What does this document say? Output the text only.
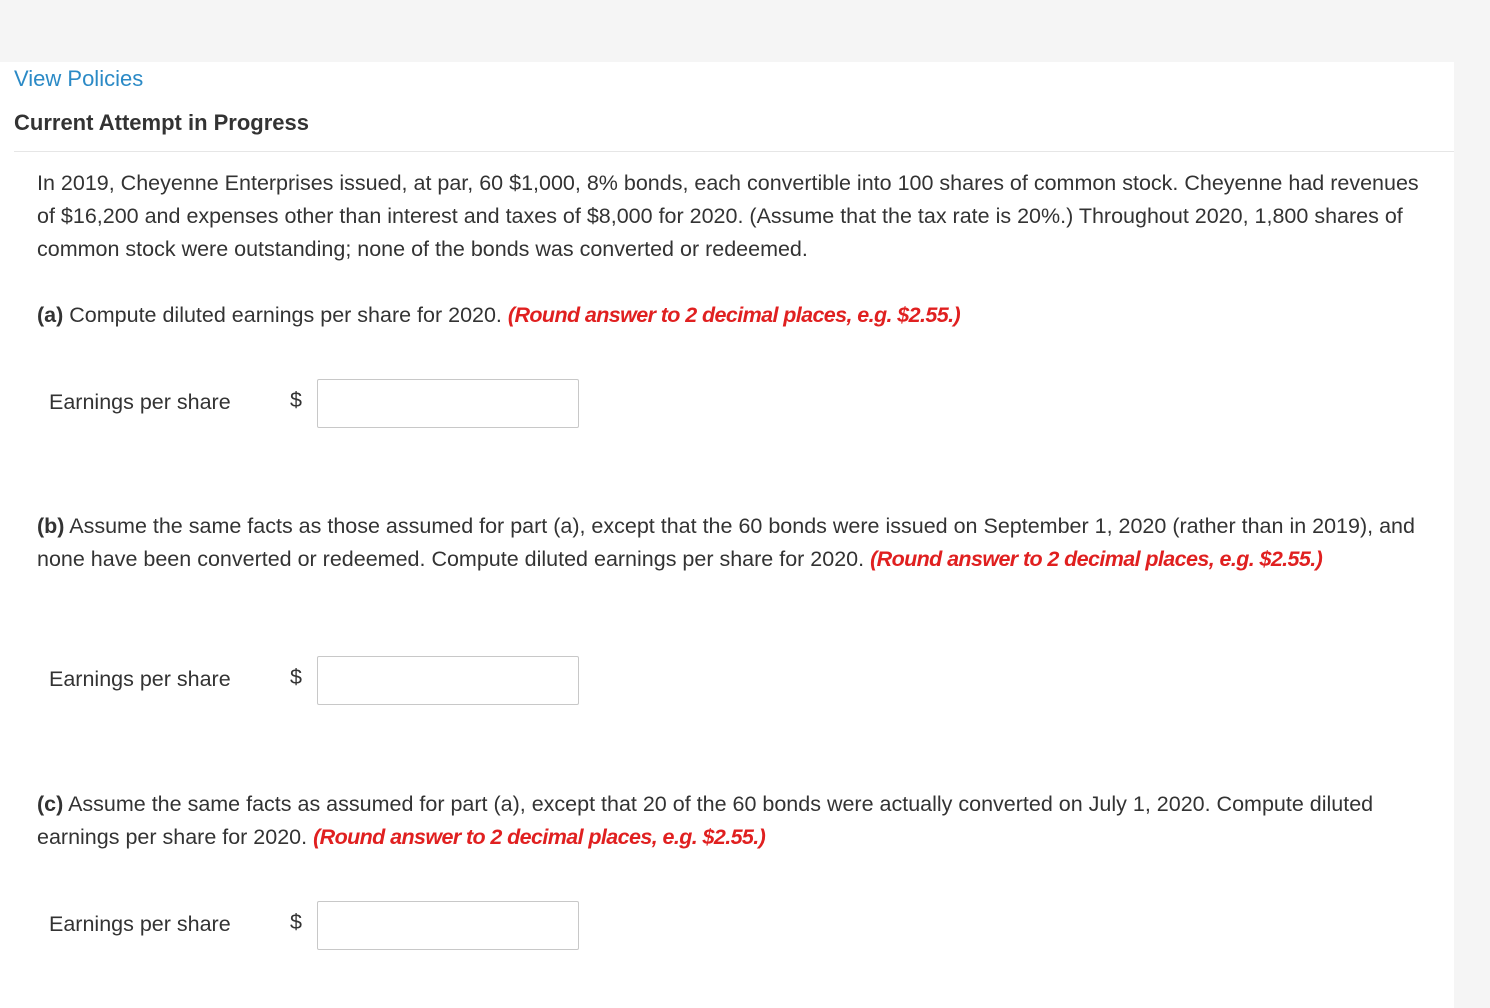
View Policies
Current Attempt in Progress

In 2019, Cheyenne Enterprises issued, at par, 60 $1,000, 8% bonds, each convertible into 100 shares of common stock. Cheyenne had revenues of $16,200 and expenses other than interest and taxes of $8,000 for 2020. (Assume that the tax rate is 20%.) Throughout 2020, 1,800 shares of common stock were outstanding; none of the bonds was converted or redeemed.

(a) Compute diluted earnings per share for 2020. (Round answer to 2 decimal places, e.g. $2.55.)

Earnings per share	$

(b) Assume the same facts as those assumed for part (a), except that the 60 bonds were issued on September 1, 2020 (rather than in 2019), and none have been converted or redeemed. Compute diluted earnings per share for 2020. (Round answer to 2 decimal places, e.g. $2.55.)

Earnings per share	$

(c) Assume the same facts as assumed for part (a), except that 20 of the 60 bonds were actually converted on July 1, 2020. Compute diluted earnings per share for 2020. (Round answer to 2 decimal places, e.g. $2.55.)

Earnings per share	$
